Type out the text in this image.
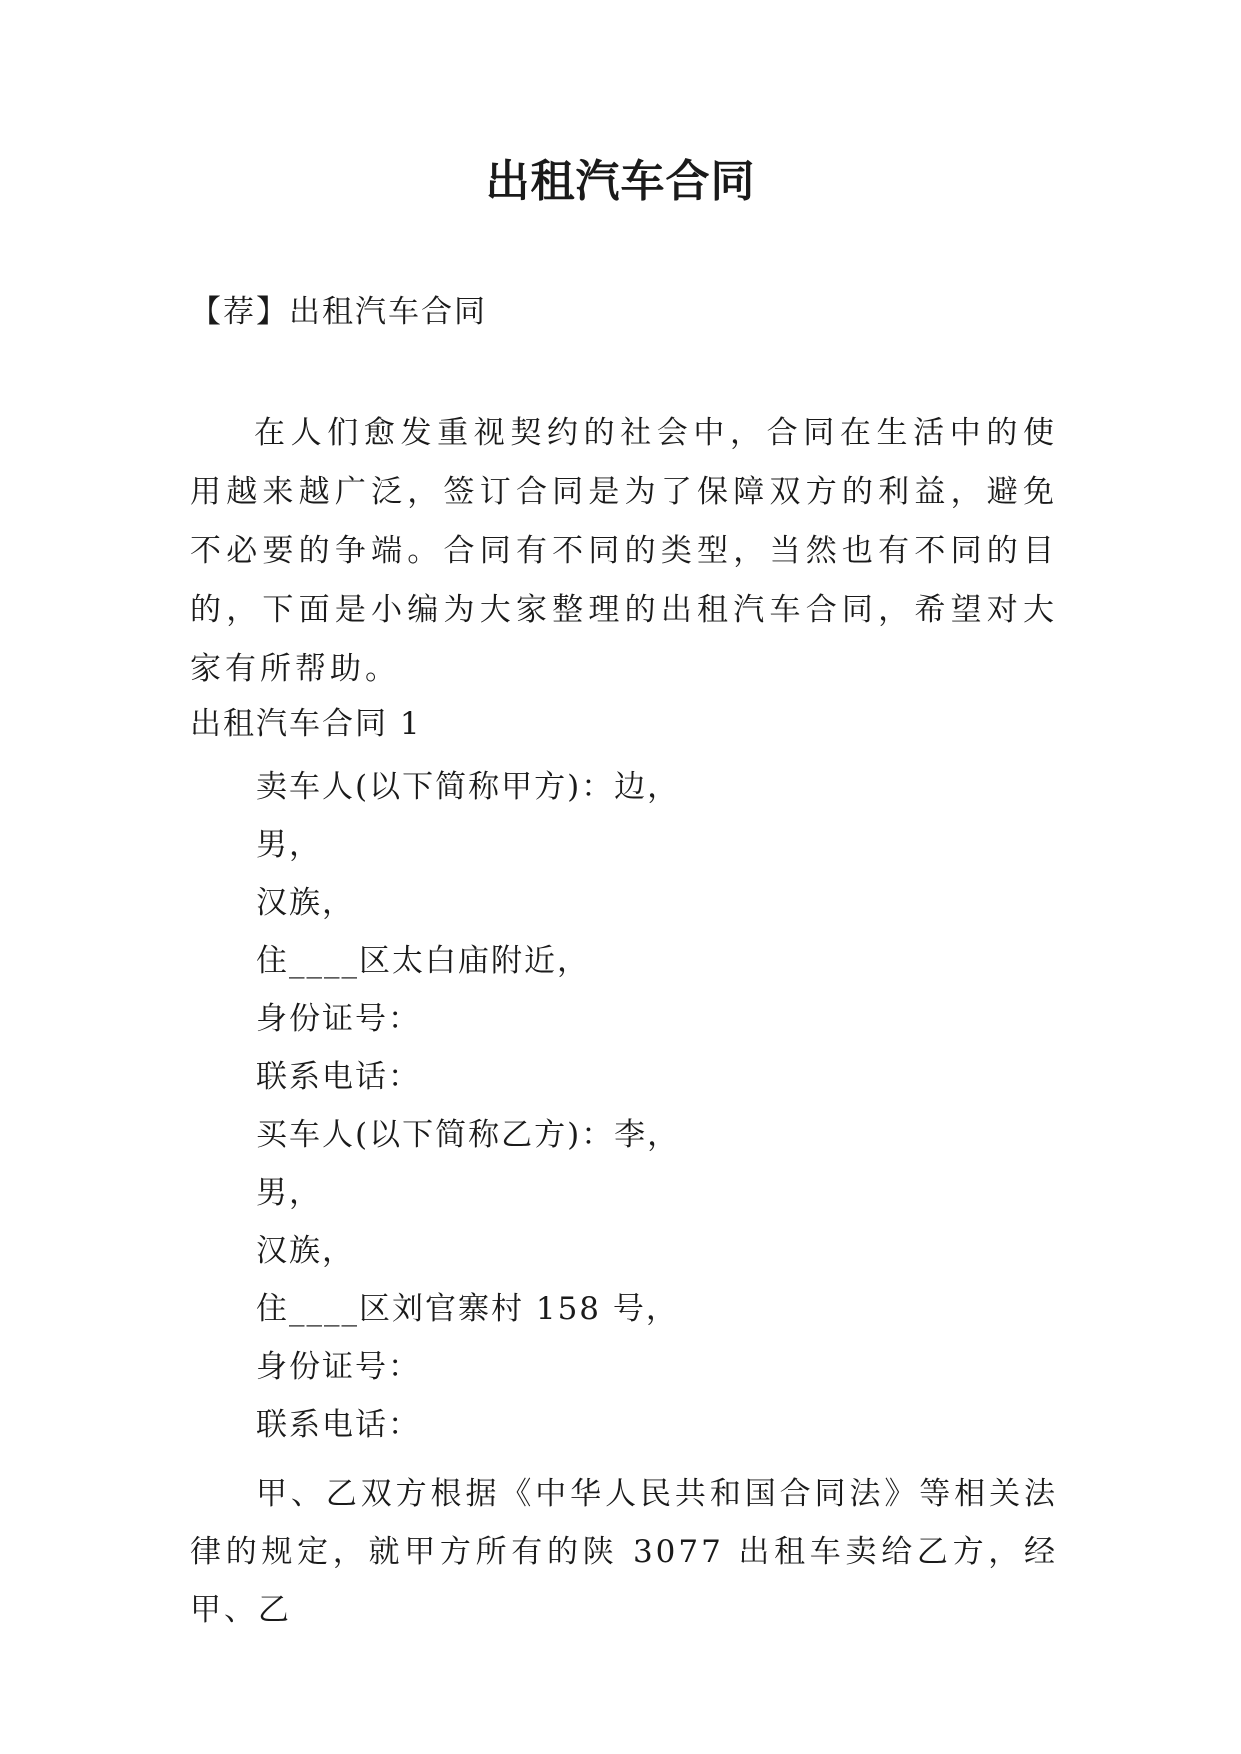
出租汽车合同
【荐】出租汽车合同

在人们愈发重视契约的社会中，合同在生活中的使用越来越广泛，签订合同是为了保障双方的利益，避免不必要的争端。合同有不同的类型，当然也有不同的目的，下面是小编为大家整理的出租汽车合同，希望对大家有所帮助。

出租汽车合同 1
卖车人(以下简称甲方)：边，
男，
汉族，
住____区太白庙附近，
身份证号：
联系电话：
买车人(以下简称乙方)：李，
男，
汉族，
住____区刘官寨村 158 号，
身份证号：
联系电话：

甲、乙双方根据《中华人民共和国合同法》等相关法律的规定，就甲方所有的陕 3077 出租车卖给乙方，经甲、乙
